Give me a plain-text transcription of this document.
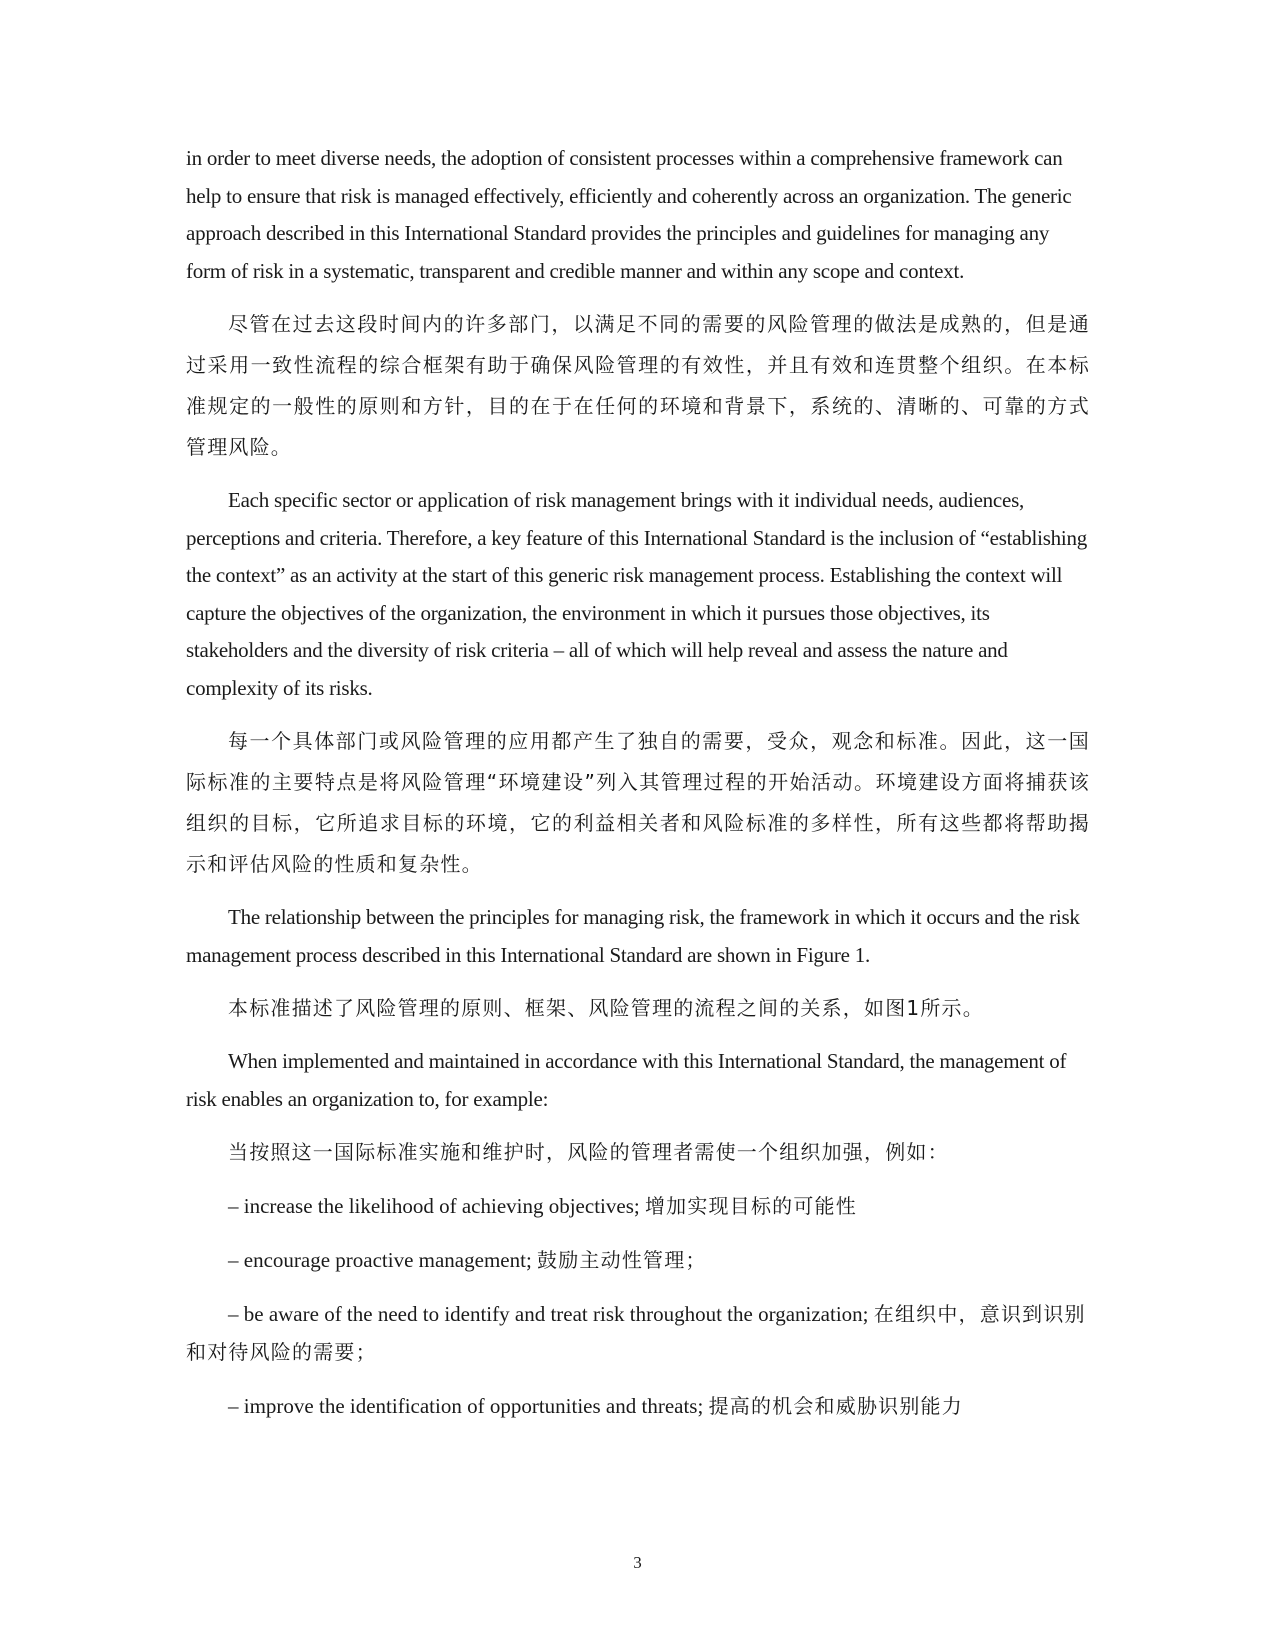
in order to meet diverse needs, the adoption of consistent processes within a comprehensive framework can help to ensure that risk is managed effectively, efficiently and coherently across an organization. The generic approach described in this International Standard provides the principles and guidelines for managing any form of risk in a systematic, transparent and credible manner and within any scope and context.

尽管在过去这段时间内的许多部门，以满足不同的需要的风险管理的做法是成熟的，但是通过采用一致性流程的综合框架有助于确保风险管理的有效性，并且有效和连贯整个组织。在本标准规定的一般性的原则和方针，目的在于在任何的环境和背景下，系统的、清晰的、可靠的方式管理风险。

Each specific sector or application of risk management brings with it individual needs, audiences, perceptions and criteria. Therefore, a key feature of this International Standard is the inclusion of “establishing the context” as an activity at the start of this generic risk management process. Establishing the context will capture the objectives of the organization, the environment in which it pursues those objectives, its stakeholders and the diversity of risk criteria – all of which will help reveal and assess the nature and complexity of its risks.

每一个具体部门或风险管理的应用都产生了独自的需要，受众，观念和标准。因此，这一国际标准的主要特点是将风险管理“环境建设”列入其管理过程的开始活动。环境建设方面将捕获该组织的目标，它所追求目标的环境，它的利益相关者和风险标准的多样性，所有这些都将帮助揭示和评估风险的性质和复杂性。

The relationship between the principles for managing risk, the framework in which it occurs and the risk management process described in this International Standard are shown in Figure 1.

本标准描述了风险管理的原则、框架、风险管理的流程之间的关系，如图1所示。

When implemented and maintained in accordance with this International Standard, the management of risk enables an organization to, for example:

当按照这一国际标准实施和维护时，风险的管理者需使一个组织加强，例如：

– increase the likelihood of achieving objectives; 增加实现目标的可能性

– encourage proactive management; 鼓励主动性管理；

– be aware of the need to identify and treat risk throughout the organization; 在组织中，意识到识别和对待风险的需要；

– improve the identification of opportunities and threats; 提高的机会和威胁识别能力

3
